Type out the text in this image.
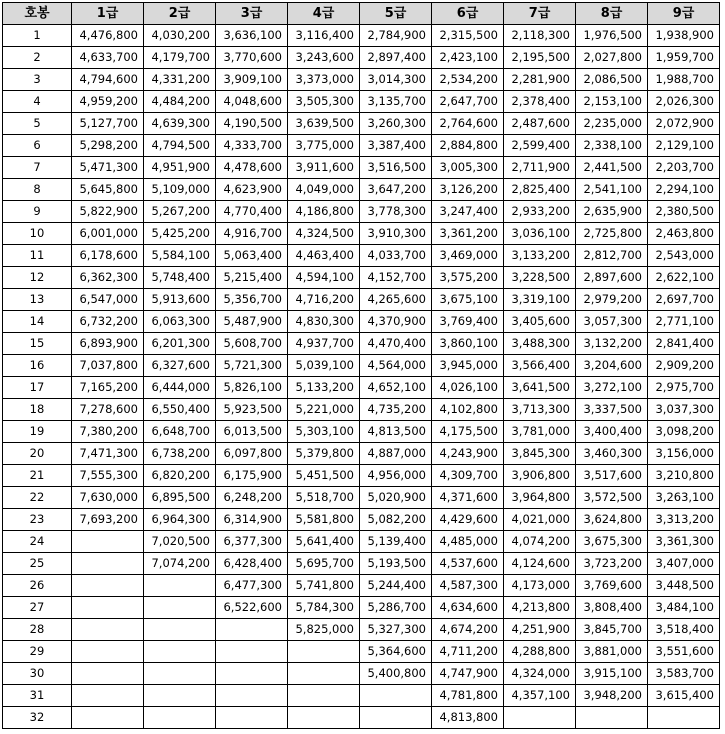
호봉	1급	2급	3급	4급	5급	6급	7급	8급	9급
1	4,476,800	4,030,200	3,636,100	3,116,400	2,784,900	2,315,500	2,118,300	1,976,500	1,938,900
2	4,633,700	4,179,700	3,770,600	3,243,600	2,897,400	2,423,100	2,195,500	2,027,800	1,959,700
3	4,794,600	4,331,200	3,909,100	3,373,000	3,014,300	2,534,200	2,281,900	2,086,500	1,988,700
4	4,959,200	4,484,200	4,048,600	3,505,300	3,135,700	2,647,700	2,378,400	2,153,100	2,026,300
5	5,127,700	4,639,300	4,190,500	3,639,500	3,260,300	2,764,600	2,487,600	2,235,000	2,072,900
6	5,298,200	4,794,500	4,333,700	3,775,000	3,387,400	2,884,800	2,599,400	2,338,100	2,129,100
7	5,471,300	4,951,900	4,478,600	3,911,600	3,516,500	3,005,300	2,711,900	2,441,500	2,203,700
8	5,645,800	5,109,000	4,623,900	4,049,000	3,647,200	3,126,200	2,825,400	2,541,100	2,294,100
9	5,822,900	5,267,200	4,770,400	4,186,800	3,778,300	3,247,400	2,933,200	2,635,900	2,380,500
10	6,001,000	5,425,200	4,916,700	4,324,500	3,910,300	3,361,200	3,036,100	2,725,800	2,463,800
11	6,178,600	5,584,100	5,063,400	4,463,400	4,033,700	3,469,000	3,133,200	2,812,700	2,543,000
12	6,362,300	5,748,400	5,215,400	4,594,100	4,152,700	3,575,200	3,228,500	2,897,600	2,622,100
13	6,547,000	5,913,600	5,356,700	4,716,200	4,265,600	3,675,100	3,319,100	2,979,200	2,697,700
14	6,732,200	6,063,300	5,487,900	4,830,300	4,370,900	3,769,400	3,405,600	3,057,300	2,771,100
15	6,893,900	6,201,300	5,608,700	4,937,700	4,470,400	3,860,100	3,488,300	3,132,200	2,841,400
16	7,037,800	6,327,600	5,721,300	5,039,100	4,564,000	3,945,000	3,566,400	3,204,600	2,909,200
17	7,165,200	6,444,000	5,826,100	5,133,200	4,652,100	4,026,100	3,641,500	3,272,100	2,975,700
18	7,278,600	6,550,400	5,923,500	5,221,000	4,735,200	4,102,800	3,713,300	3,337,500	3,037,300
19	7,380,200	6,648,700	6,013,500	5,303,100	4,813,500	4,175,500	3,781,000	3,400,400	3,098,200
20	7,471,300	6,738,200	6,097,800	5,379,800	4,887,000	4,243,900	3,845,300	3,460,300	3,156,000
21	7,555,300	6,820,200	6,175,900	5,451,500	4,956,000	4,309,700	3,906,800	3,517,600	3,210,800
22	7,630,000	6,895,500	6,248,200	5,518,700	5,020,900	4,371,600	3,964,800	3,572,500	3,263,100
23	7,693,200	6,964,300	6,314,900	5,581,800	5,082,200	4,429,600	4,021,000	3,624,800	3,313,200
24		7,020,500	6,377,300	5,641,400	5,139,400	4,485,000	4,074,200	3,675,300	3,361,300
25		7,074,200	6,428,400	5,695,700	5,193,500	4,537,600	4,124,600	3,723,200	3,407,000
26			6,477,300	5,741,800	5,244,400	4,587,300	4,173,000	3,769,600	3,448,500
27			6,522,600	5,784,300	5,286,700	4,634,600	4,213,800	3,808,400	3,484,100
28				5,825,000	5,327,300	4,674,200	4,251,900	3,845,700	3,518,400
29					5,364,600	4,711,200	4,288,800	3,881,000	3,551,600
30					5,400,800	4,747,900	4,324,000	3,915,100	3,583,700
31						4,781,800	4,357,100	3,948,200	3,615,400
32						4,813,800			
